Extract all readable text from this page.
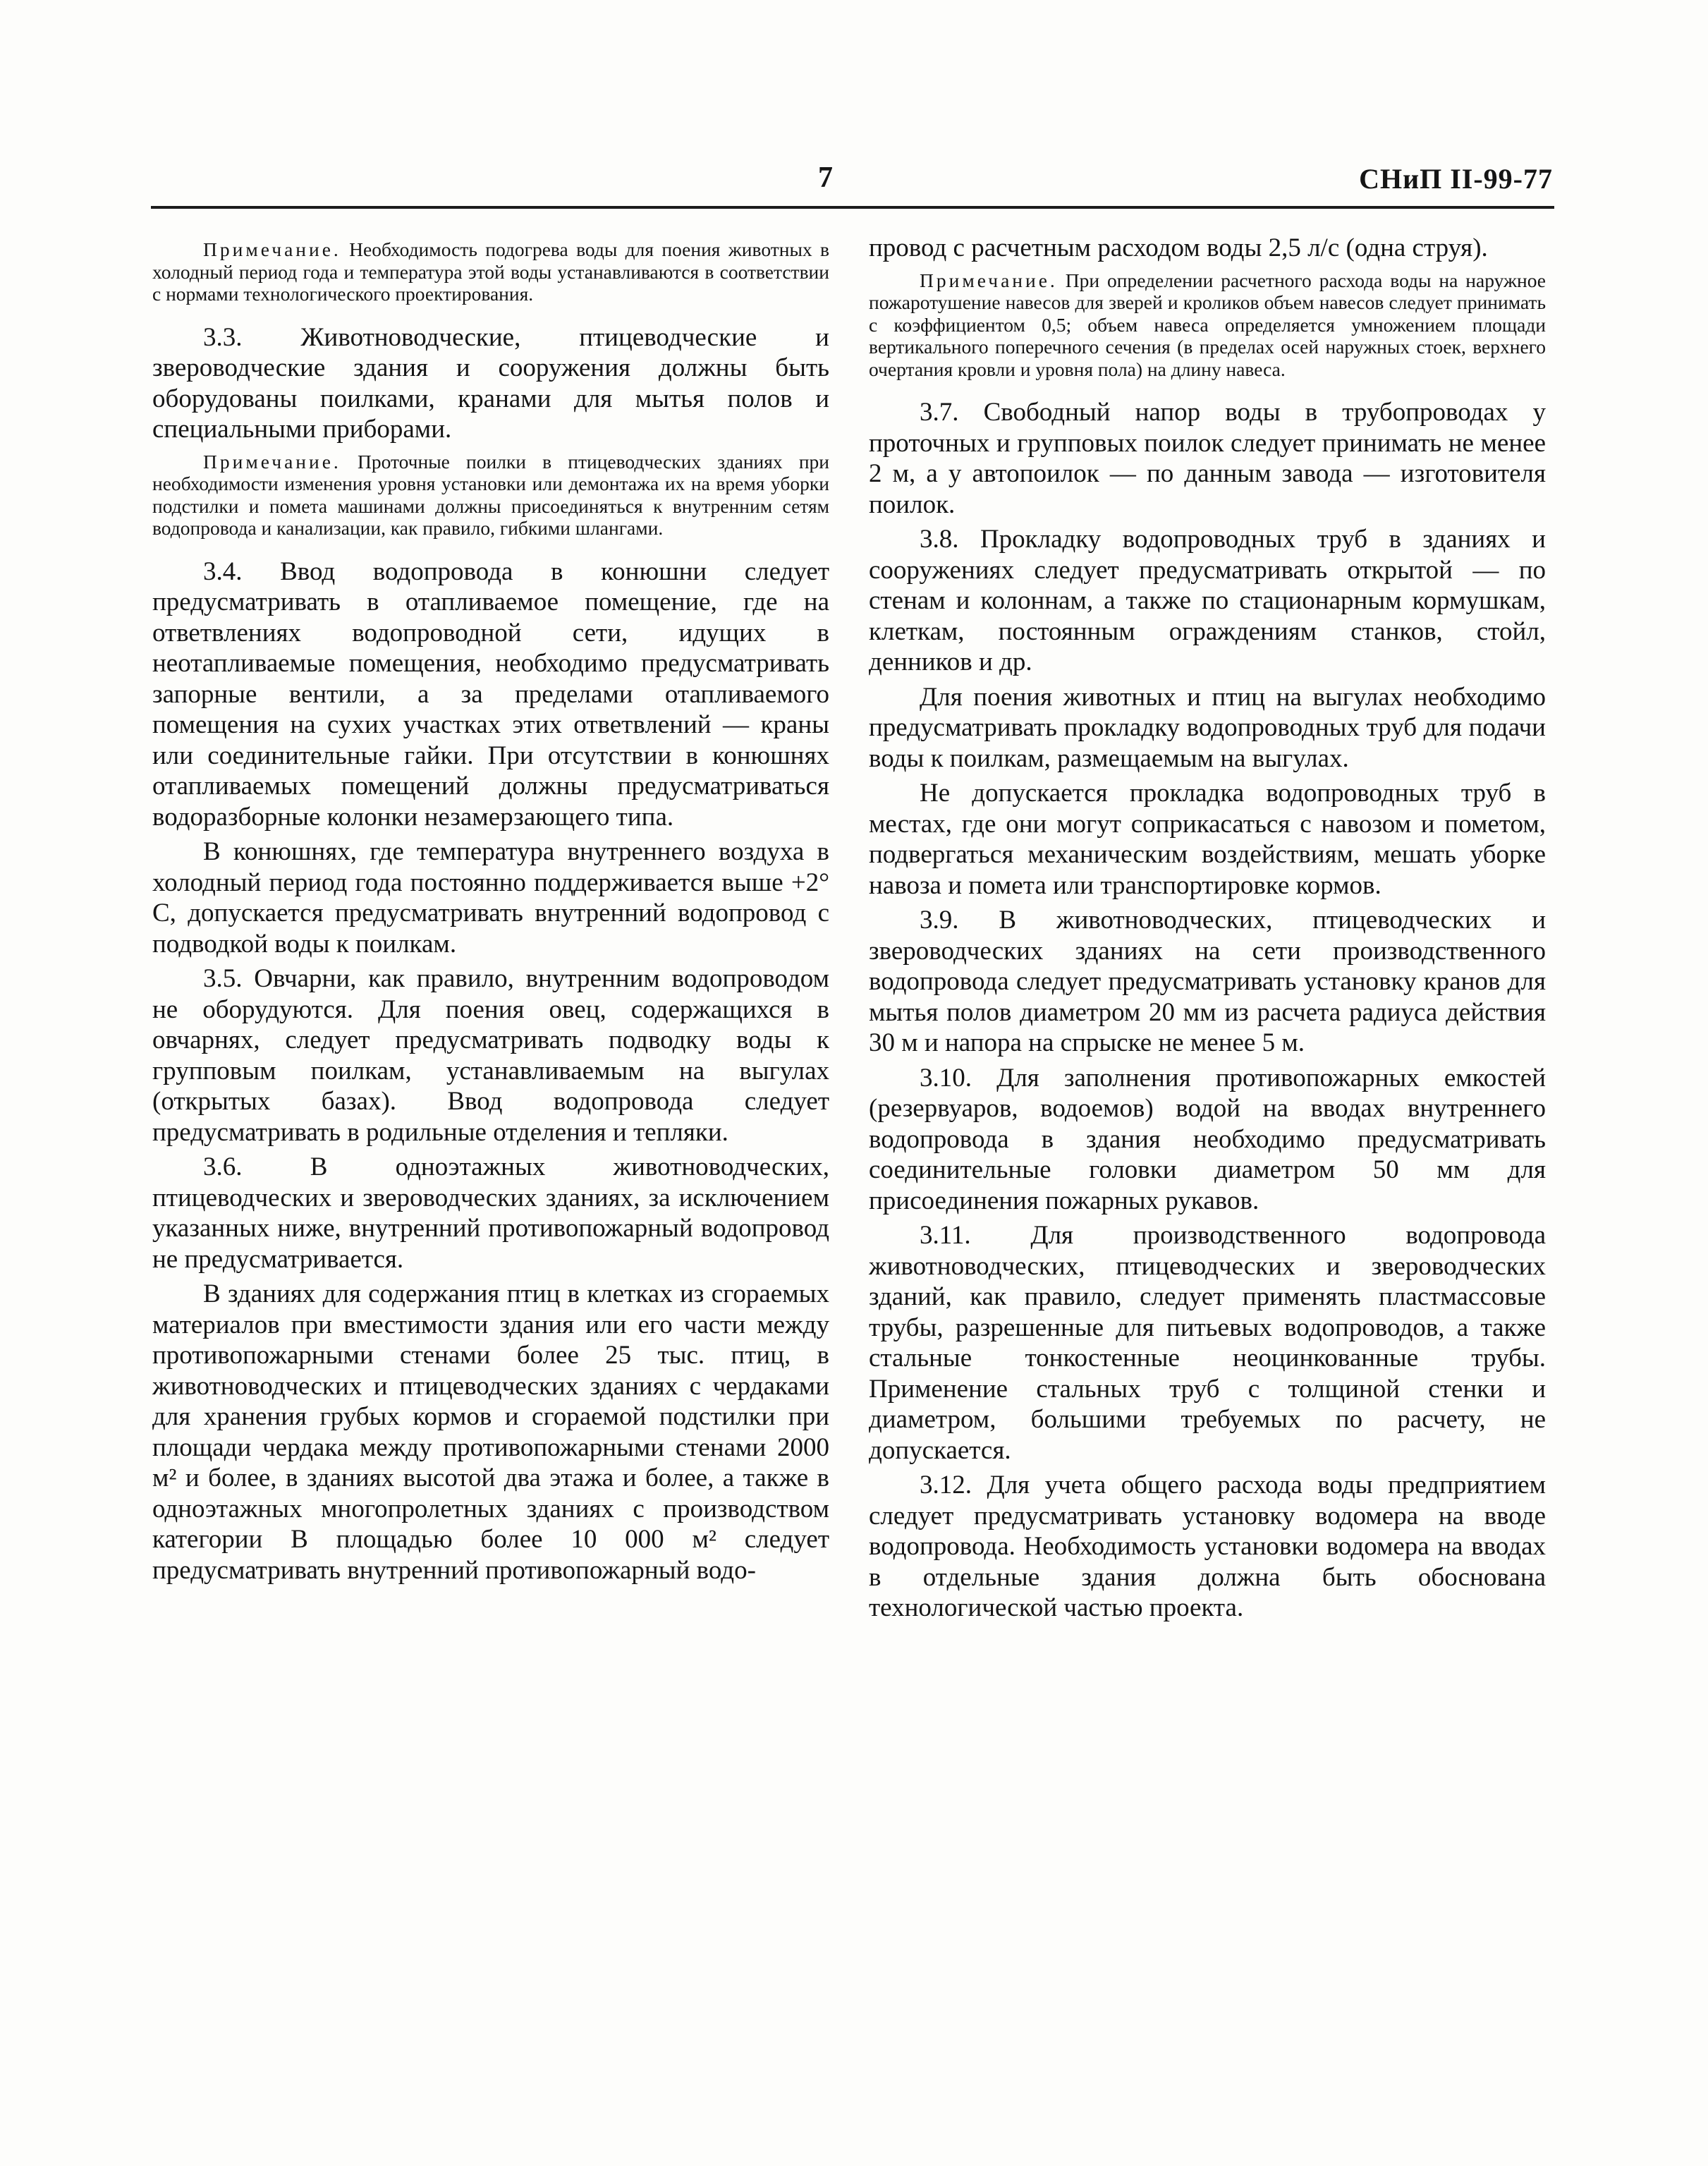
7	СНиП II-99-77

Примечание. Необходимость подогрева воды для поения животных в холодный период года и температура этой воды устанавливаются в соответствии с нормами технологического проектирования.

3.3. Животноводческие, птицеводческие и звероводческие здания и сооружения должны быть оборудованы поилками, кранами для мытья полов и специальными приборами.

Примечание. Проточные поилки в птицеводческих зданиях при необходимости изменения уровня установки или демонтажа их на время уборки подстилки и помета машинами должны присоединяться к внутренним сетям водопровода и канализации, как правило, гибкими шлангами.

3.4. Ввод водопровода в конюшни следует предусматривать в отапливаемое помещение, где на ответвлениях водопроводной сети, идущих в неотапливаемые помещения, необходимо предусматривать запорные вентили, а за пределами отапливаемого помещения на сухих участках этих ответвлений — краны или соединительные гайки. При отсутствии в конюшнях отапливаемых помещений должны предусматриваться водоразборные колонки незамерзающего типа.

В конюшнях, где температура внутреннего воздуха в холодный период года постоянно поддерживается выше +2° С, допускается предусматривать внутренний водопровод с подводкой воды к поилкам.

3.5. Овчарни, как правило, внутренним водопроводом не оборудуются. Для поения овец, содержащихся в овчарнях, следует предусматривать подводку воды к групповым поилкам, устанавливаемым на выгулах (открытых базах). Ввод водопровода следует предусматривать в родильные отделения и тепляки.

3.6. В одноэтажных животноводческих, птицеводческих и звероводческих зданиях, за исключением указанных ниже, внутренний противопожарный водопровод не предусматривается.

В зданиях для содержания птиц в клетках из сгораемых материалов при вместимости здания или его части между противопожарными стенами более 25 тыс. птиц, в животноводческих и птицеводческих зданиях с чердаками для хранения грубых кормов и сгораемой подстилки при площади чердака между противопожарными стенами 2000 м² и более, в зданиях высотой два этажа и более, а также в одноэтажных многопролетных зданиях с производством категории В площадью более 10 000 м² следует предусматривать внутренний противопожарный водо-

провод с расчетным расходом воды 2,5 л/с (одна струя).

Примечание. При определении расчетного расхода воды на наружное пожаротушение навесов для зверей и кроликов объем навесов следует принимать с коэффициентом 0,5; объем навеса определяется умножением площади вертикального поперечного сечения (в пределах осей наружных стоек, верхнего очертания кровли и уровня пола) на длину навеса.

3.7. Свободный напор воды в трубопроводах у проточных и групповых поилок следует принимать не менее 2 м, а у автопоилок — по данным завода — изготовителя поилок.

3.8. Прокладку водопроводных труб в зданиях и сооружениях следует предусматривать открытой — по стенам и колоннам, а также по стационарным кормушкам, клеткам, постоянным ограждениям станков, стойл, денников и др.

Для поения животных и птиц на выгулах необходимо предусматривать прокладку водопроводных труб для подачи воды к поилкам, размещаемым на выгулах.

Не допускается прокладка водопроводных труб в местах, где они могут соприкасаться с навозом и пометом, подвергаться механическим воздействиям, мешать уборке навоза и помета или транспортировке кормов.

3.9. В животноводческих, птицеводческих и звероводческих зданиях на сети производственного водопровода следует предусматривать установку кранов для мытья полов диаметром 20 мм из расчета радиуса действия 30 м и напора на спрыске не менее 5 м.

3.10. Для заполнения противопожарных емкостей (резервуаров, водоемов) водой на вводах внутреннего водопровода в здания необходимо предусматривать соединительные головки диаметром 50 мм для присоединения пожарных рукавов.

3.11. Для производственного водопровода животноводческих, птицеводческих и звероводческих зданий, как правило, следует применять пластмассовые трубы, разрешенные для питьевых водопроводов, а также стальные тонкостенные неоцинкованные трубы. Применение стальных труб с толщиной стенки и диаметром, большими требуемых по расчету, не допускается.

3.12. Для учета общего расхода воды предприятием следует предусматривать установку водомера на вводе водопровода. Необходимость установки водомера на вводах в отдельные здания должна быть обоснована технологической частью проекта.
